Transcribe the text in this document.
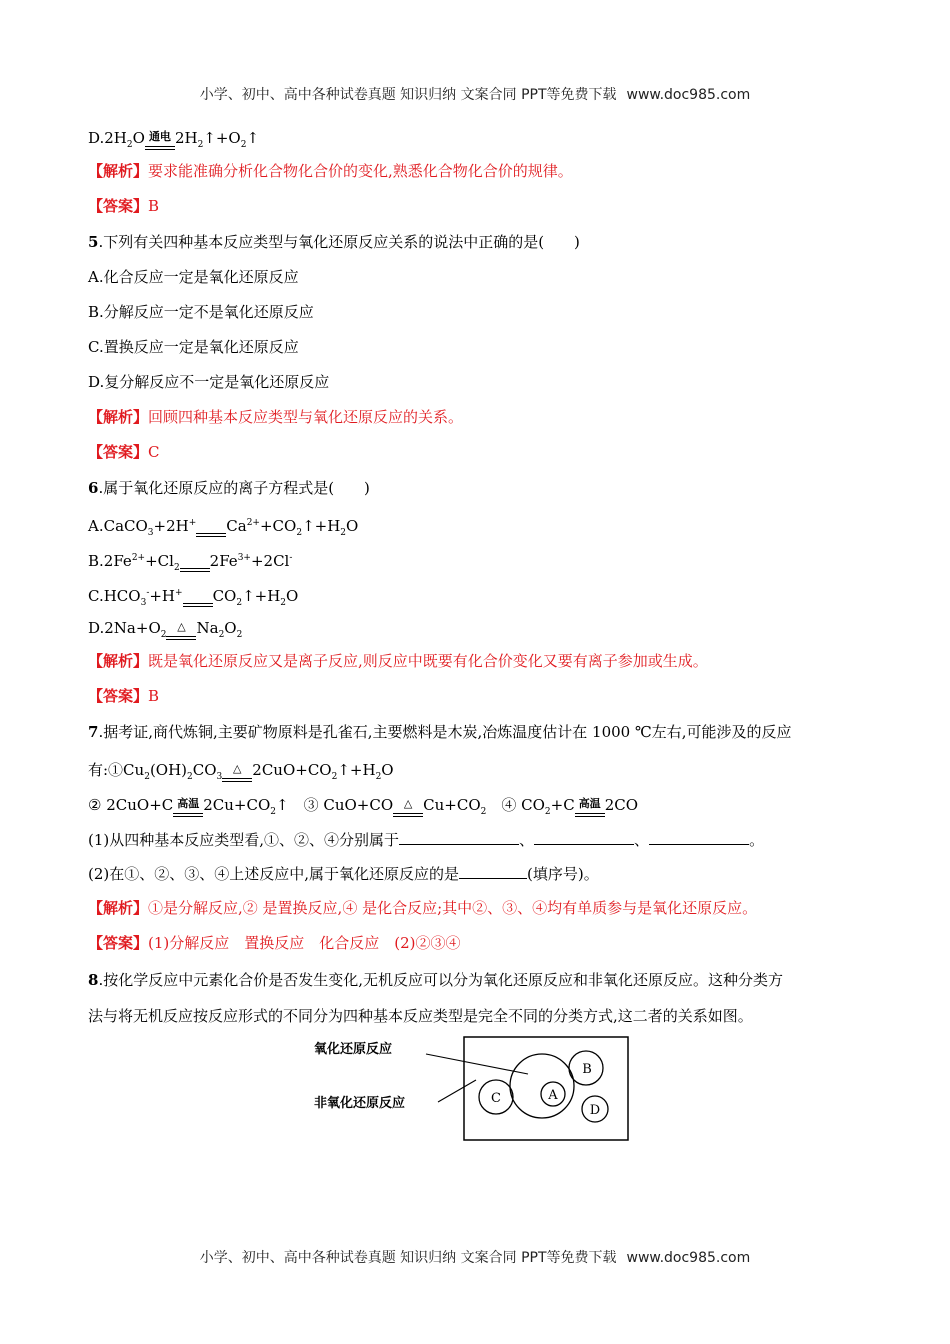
小学、初中、高中各种试卷真题 知识归纳 文案合同 PPT等免费下载 www.doc985.com
$D.2H_2O$ 通电 $2H_2↑+O_2↑$
【解析】要求能准确分析化合物化合价的变化,熟悉化合物化合价的规律。
【答案】B
5.下列有关四种基本反应类型与氧化还原反应关系的说法中正确的是(　　)
A.化合反应一定是氧化还原反应
B.分解反应一定不是氧化还原反应
C.置换反应一定是氧化还原反应
D.复分解反应不一定是氧化还原反应
【解析】回顾四种基本反应类型与氧化还原反应的关系。
【答案】C
6.属于氧化还原反应的离子方程式是(　　)
A.CaCO$_3$+2H+ $Ca^{2+}+CO_2↑+H_2O$
$B.2Fe^{2+}+Cl_2$ $2Fe^{3+}+2Cl^-$
$C.HCO_3^-+H^+$ $CO_2↑+H_2O$
$D.2Na+O_2$
△ $Na_2O_2$
【解析】既是氧化还原反应又是离子反应,则反应中既要有化合价变化又要有离子参加或生成。
【答案】B
7.据考证,商代炼铜,主要矿物原料是孔雀石,主要燃料是木炭,冶炼温度估计在 1000 ℃左右,可能涉及的反应
有$:①Cu_2(OH)_2CO_3$
△ $2CuO+CO_2↑+H_2O$
② 2CuO+C 高温 $2Cu+CO_2↑$　③ CuO+CO △ $Cu+CO_2$　④ $CO_2+C$ 高温 2CO
(1)从四种基本反应类型看,①、②、④分别属于	、	、	。
(2)在①、②、③、④上述反应中,属于氧化还原反应的是	(填序号)。
【解析】①是分解反应,② 是置换反应,④ 是化合反应;其中②、③、④均有单质参与是氧化还原反应。
【答案】(1)分解反应　置换反应　化合反应　(2)②③④
8.按化学反应中元素化合价是否发生变化,无机反应可以分为氧化还原反应和非氧化还原反应。这种分类方
法与将无机反应按反应形式的不同分为四种基本反应类型是完全不同的分类方式,这二者的关系如图。
A
B
C
D
氧化还原反应
非氧化还原反应
小学、初中、高中各种试卷真题 知识归纳 文案合同 PPT等免费下载 www.doc985.com
